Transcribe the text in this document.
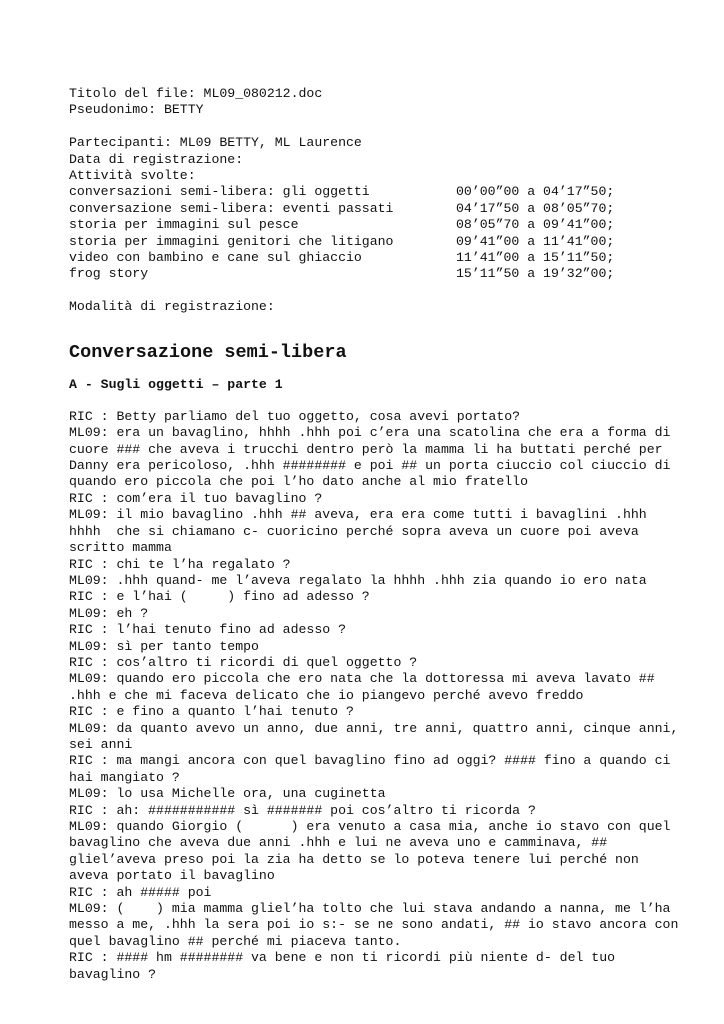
Titolo del file: ML09_080212.doc
Pseudonimo: BETTY
Partecipanti: ML09 BETTY, ML Laurence
Data di registrazione:
Attività svolte:
conversazioni semi-libera: gli oggetti	00’00”00 a 04’17”50;
conversazione semi-libera: eventi passati	04’17”50 a 08’05”70;
storia per immagini sul pesce	08’05”70 a 09’41”00;
storia per immagini genitori che litigano	09’41”00 a 11’41”00;
video con bambino e cane sul ghiaccio	11’41”00 a 15’11”50;
frog story	15’11”50 a 19’32”00;
Modalità di registrazione:
Conversazione semi-libera
A - Sugli oggetti – parte 1
RIC : Betty parliamo del tuo oggetto, cosa avevi portato?
ML09: era un bavaglino, hhhh .hhh poi c’era una scatolina che era a forma di cuore ### che aveva i trucchi dentro però la mamma li ha buttati perché per Danny era pericoloso, .hhh ######## e poi ## un porta ciuccio col ciuccio di quando ero piccola che poi l’ho dato anche al mio fratello
RIC : com’era il tuo bavaglino ?
ML09: il mio bavaglino .hhh ## aveva, era era come tutti i bavaglini .hhh hhhh  che si chiamano c- cuoricino perché sopra aveva un cuore poi aveva scritto mamma
RIC : chi te l’ha regalato ?
ML09: .hhh quand- me l’aveva regalato la hhhh .hhh zia quando io ero nata
RIC : e l’hai (     ) fino ad adesso ?
ML09: eh ?
RIC : l’hai tenuto fino ad adesso ?
ML09: sì per tanto tempo
RIC : cos’altro ti ricordi di quel oggetto ?
ML09: quando ero piccola che ero nata che la dottoressa mi aveva lavato ## .hhh e che mi faceva delicato che io piangevo perché avevo freddo
RIC : e fino a quanto l’hai tenuto ?
ML09: da quanto avevo un anno, due anni, tre anni, quattro anni, cinque anni, sei anni
RIC : ma mangi ancora con quel bavaglino fino ad oggi? #### fino a quando ci hai mangiato ?
ML09: lo usa Michelle ora, una cuginetta
RIC : ah: ########### sì ####### poi cos’altro ti ricorda ?
ML09: quando Giorgio (      ) era venuto a casa mia, anche io stavo con quel bavaglino che aveva due anni .hhh e lui ne aveva uno e camminava, ## gliel’aveva preso poi la zia ha detto se lo poteva tenere lui perché non aveva portato il bavaglino
RIC : ah ##### poi
ML09: (    ) mia mamma gliel’ha tolto che lui stava andando a nanna, me l’ha messo a me, .hhh la sera poi io s:- se ne sono andati, ## io stavo ancora con quel bavaglino ## perché mi piaceva tanto.
RIC : #### hm ######## va bene e non ti ricordi più niente d- del tuo bavaglino ?
